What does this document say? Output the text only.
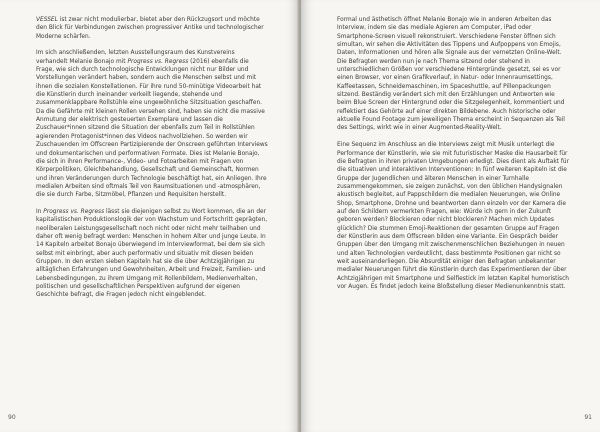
VESSEL ist zwar nicht modulierbar, bietet aber den Rückzugsort und möchte den Blick für Verbindungen zwischen progressiver Antike und technologischer Moderne schärfen.

Im sich anschließenden, letzten Ausstellungsraum des Kunstvereins verhandelt Melanie Bonajo mit Progress vs. Regress (2016) ebenfalls die Frage, wie sich durch technologische Entwicklungen nicht nur Bilder und Vorstellungen verändert haben, sondern auch die Menschen selbst und mit ihnen die sozialen Konstellationen. Für ihre rund 50-minütige Videoarbeit hat die Künstlerin durch ineinander verkeilt liegende, stehende und zusammenklappbare Rollstühle eine ungewöhnliche Sitzsituation geschaffen. Da die Gefährte mit kleinen Rollen versehen sind, haben sie nicht die massive Anmutung der elektrisch gesteuerten Exemplare und lassen die Zuschauer*innen sitzend die Situation der ebenfalls zum Teil in Rollstühlen agierenden Protagonist*innen des Videos nachvollziehen. So werden wir Zuschauenden im Offscreen Partizipierende der Onscreen geführten Interviews und dokumentarischen und performativen Formate. Dies ist Melanie Bonajo, die sich in ihren Performance-, Video- und Fotoarbeiten mit Fragen von Körperpolitiken, Gleichbehandlung, Gesellschaft und Gemeinschaft, Normen und ihren Veränderungen durch Technologie beschäftigt hat, ein Anliegen. Ihre medialen Arbeiten sind oftmals Teil von Raumsituationen und -atmosphären, die sie durch Farbe, Sitzmöbel, Pflanzen und Requisiten herstellt.

In Progress vs. Regress lässt sie diejenigen selbst zu Wort kommen, die an der kapitalistischen Produktionslogik der von Wachstum und Fortschritt geprägten, neoliberalen Leistungsgesellschaft noch nicht oder nicht mehr teilhaben und daher oft wenig befragt werden: Menschen in hohem Alter und junge Leute. In 14 Kapiteln arbeitet Bonajo überwiegend im Interviewformat, bei dem sie sich selbst mit einbringt, aber auch performativ und situativ mit diesen beiden Gruppen. In den ersten sieben Kapiteln hat sie die über Achtzigjährigen zu alltäglichen Erfahrungen und Gewohnheiten, Arbeit und Freizeit, Familien- und Lebensbedingungen, zu ihrem Umgang mit Rollenbildern, Medienverhalten, politischen und gesellschaftlichen Perspektiven aufgrund der eigenen Geschichte befragt, die Fragen jedoch nicht eingeblendet.

90

Formal und ästhetisch öffnet Melanie Bonajo wie in anderen Arbeiten das Interview, indem sie das mediale Agieren am Computer, iPad oder Smartphone-Screen visuell rekonstruiert. Verschiedene Fenster öffnen sich simultan, wir sehen die Aktivitäten des Tippens und Aufpoppens von Emojis, Daten, Informationen und hören alle Signale aus der vernetzten Online-Welt. Die Befragten werden nun je nach Thema sitzend oder stehend in unterschiedlichen Größen vor verschiedene Hintergründe gesetzt, sei es vor einen Browser, vor einen Grafikverlauf, in Natur- oder Innenraumsettings, Kaffeetassen, Schneidemaschinen, im Spaceshuttle, auf Pillenpackungen sitzend. Beständig verändert sich mit den Erzählungen und Antworten wie beim Blue Screen der Hintergrund oder die Sitzgelegenheit, kommentiert und reflektiert das Gehörte auf einer direkten Bildebene. Auch historische oder aktuelle Found Footage zum jeweiligen Thema erscheint in Sequenzen als Teil des Settings, wirkt wie in einer Augmented-Reality-Welt.

Eine Sequenz im Anschluss an die Interviews zeigt mit Musik unterlegt die Performance der Künstlerin, wie sie mit futuristischer Maske die Hausarbeit für die Befragten in ihren privaten Umgebungen erledigt. Dies dient als Auftakt für die situativen und interaktiven Interventionen: In fünf weiteren Kapiteln ist die Gruppe der Jugendlichen und älteren Menschen in einer Turnhalle zusammengekommen, sie zeigen zunächst, von den üblichen Handysignalen akustisch begleitet, auf Pappschildern die medialen Neuerungen, wie Online Shop, Smartphone, Drohne und beantworten dann einzeln vor der Kamera die auf den Schildern vermerkten Fragen, wie: Würde ich gern in der Zukunft geboren werden? Blockieren oder nicht blockieren? Machen mich Updates glücklich? Die stummen Emoji-Reaktionen der gesamten Gruppe auf Fragen der Künstlerin aus dem Offscreen bilden eine Variante. Ein Gespräch beider Gruppen über den Umgang mit zwischenmenschlichen Beziehungen in neuen und alten Technologien verdeutlicht, dass bestimmte Positionen gar nicht so weit auseinanderliegen. Die Absurdität einiger den Befragten unbekannter medialer Neuerungen führt die Künstlerin durch das Experimentieren der über Achtzigjährigen mit Smartphone und Selfiestick im letzten Kapitel humoristisch vor Augen. Es findet jedoch keine Bloßstellung dieser Medienunkenntnis statt.

91
